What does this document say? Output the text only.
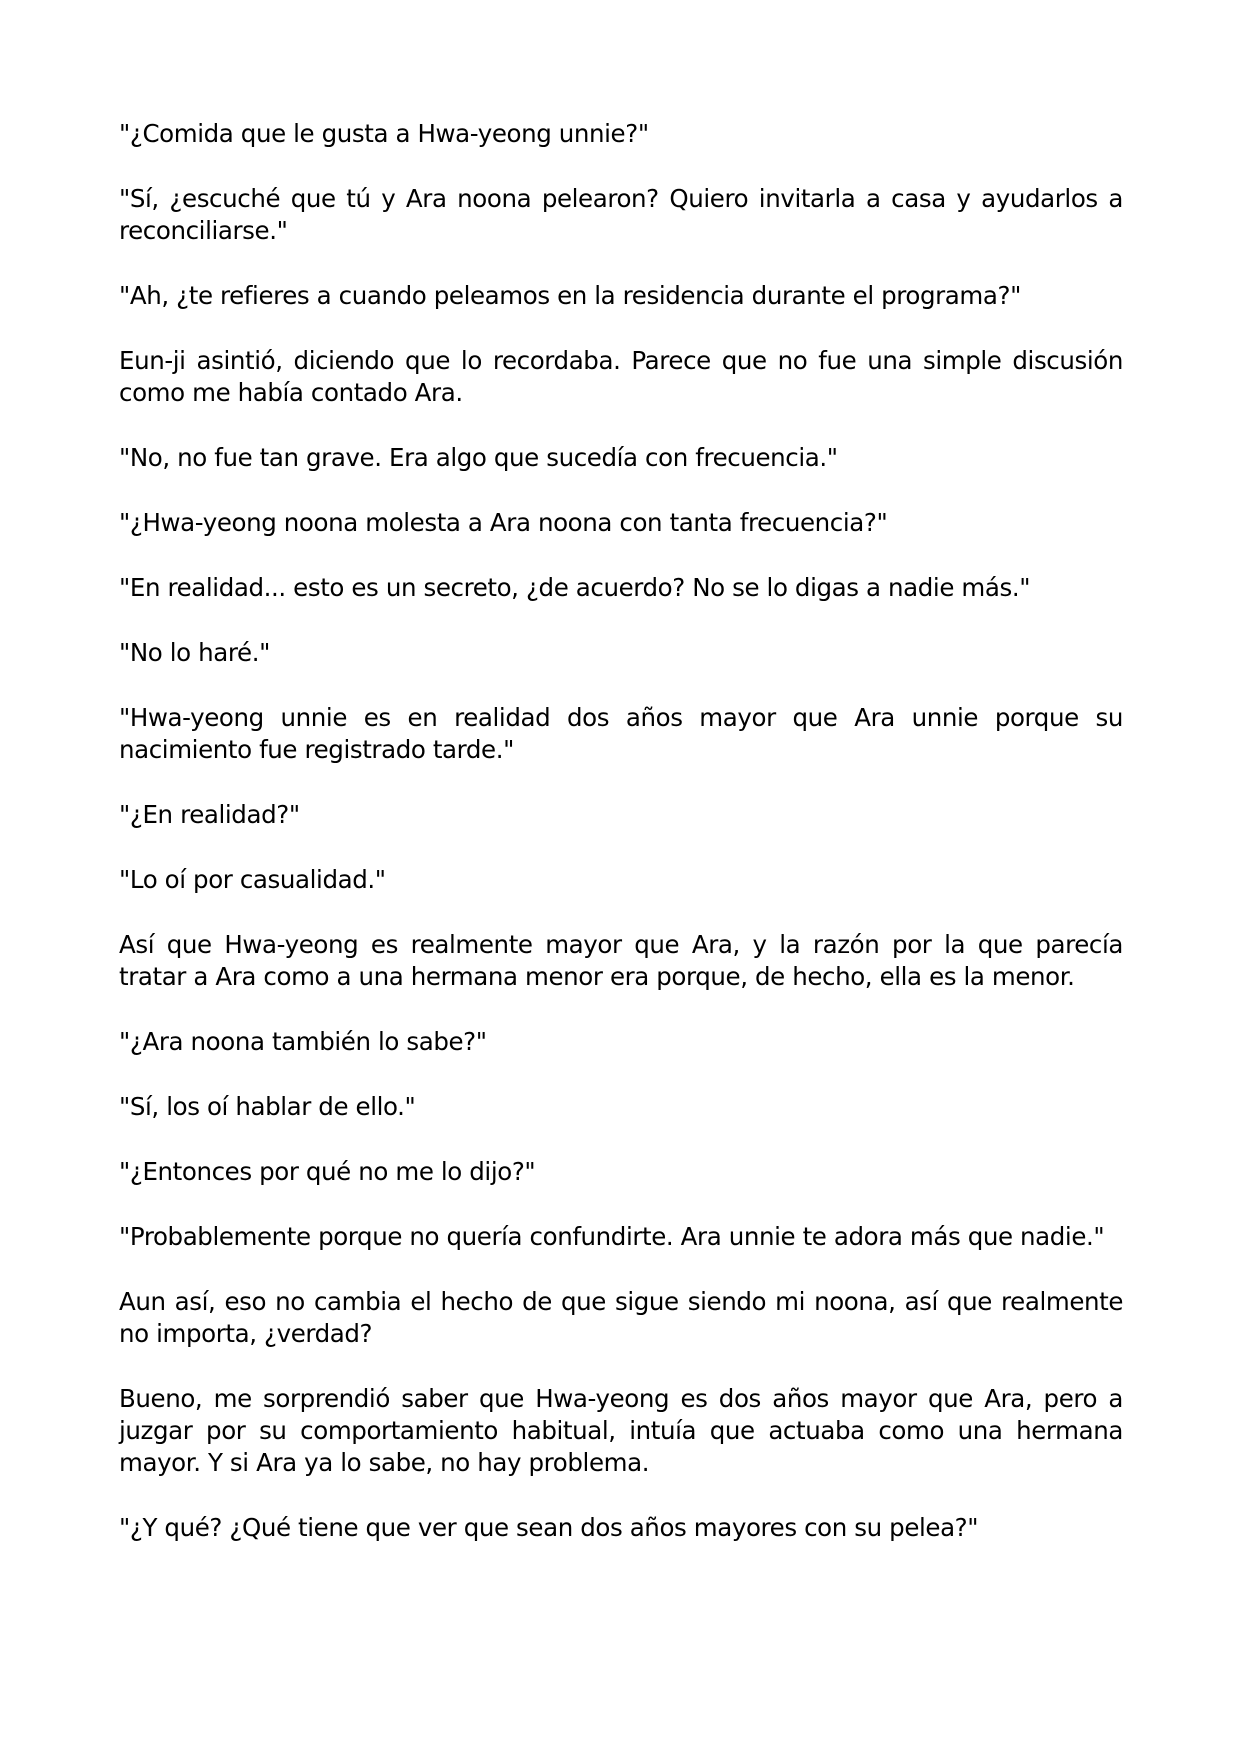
"¿Comida que le gusta a Hwa-yeong unnie?"

"Sí, ¿escuché que tú y Ara noona pelearon? Quiero invitarla a casa y ayudarlos a reconciliarse."

"Ah, ¿te refieres a cuando peleamos en la residencia durante el programa?"

Eun-ji asintió, diciendo que lo recordaba. Parece que no fue una simple discusión como me había contado Ara.

"No, no fue tan grave. Era algo que sucedía con frecuencia."

"¿Hwa-yeong noona molesta a Ara noona con tanta frecuencia?"

"En realidad... esto es un secreto, ¿de acuerdo? No se lo digas a nadie más."

"No lo haré."

"Hwa-yeong unnie es en realidad dos años mayor que Ara unnie porque su nacimiento fue registrado tarde."

"¿En realidad?"

"Lo oí por casualidad."

Así que Hwa-yeong es realmente mayor que Ara, y la razón por la que parecía tratar a Ara como a una hermana menor era porque, de hecho, ella es la menor.

"¿Ara noona también lo sabe?"

"Sí, los oí hablar de ello."

"¿Entonces por qué no me lo dijo?"

"Probablemente porque no quería confundirte. Ara unnie te adora más que nadie."

Aun así, eso no cambia el hecho de que sigue siendo mi noona, así que realmente no importa, ¿verdad?

Bueno, me sorprendió saber que Hwa-yeong es dos años mayor que Ara, pero a juzgar por su comportamiento habitual, intuía que actuaba como una hermana mayor. Y si Ara ya lo sabe, no hay problema.

"¿Y qué? ¿Qué tiene que ver que sean dos años mayores con su pelea?"
